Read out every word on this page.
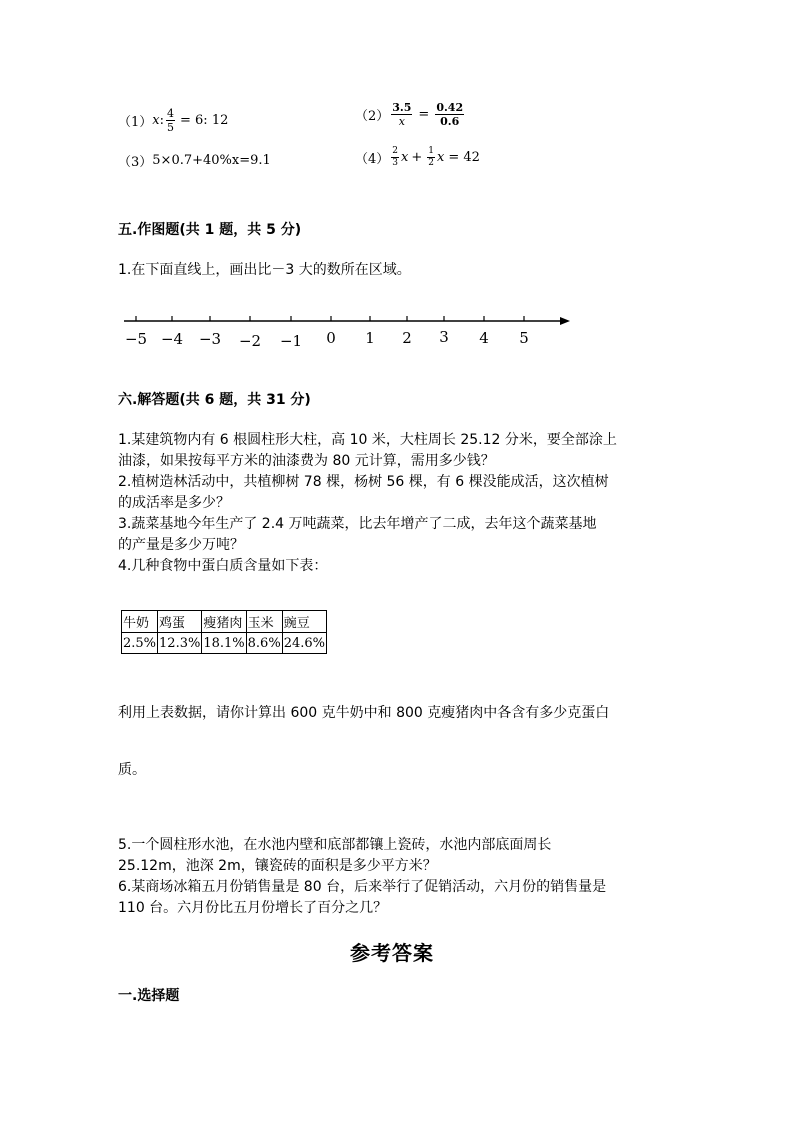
（1） x : $\frac{4}{5} = 6$: 12	$(2) \frac{3.5}{x} = \frac{0.42}{0.6}$
（3） 5×0.7+40%x=9.1	$(4) \frac{2}{3}$ $x + \frac{1}{2}$ x = 42
五.作图题(共 1 题，共 5 分)
1.在下面直线上，画出比－3 大的数所在区域。
−5 −4 −3 −2 −1 0 1 2 3 4 5
六.解答题(共 6 题，共 31 分)
1.某建筑物内有 6 根圆柱形大柱，高 10 米，大柱周长 25.12 分米，要全部涂上
油漆，如果按每平方米的油漆费为 80 元计算，需用多少钱？
2.植树造林活动中，共植柳树 78 棵，杨树 56 棵，有 6 棵没能成活，这次植树
的成活率是多少？
3.蔬菜基地今年生产了 2.4 万吨蔬菜，比去年增产了二成，去年这个蔬菜基地
的产量是多少万吨？
4.几种食物中蛋白质含量如下表：
牛奶	鸡蛋	瘦猪肉	玉米	豌豆
2.5%	12.3%	18.1%	8.6%	24.6%
利用上表数据，请你计算出 600 克牛奶中和 800 克瘦猪肉中各含有多少克蛋白
质。
5.一个圆柱形水池，在水池内壁和底部都镶上瓷砖，水池内部底面周长
25.12m，池深 2m，镶瓷砖的面积是多少平方米？
6.某商场冰箱五月份销售量是 80 台，后来举行了促销活动，六月份的销售量是
110 台。六月份比五月份增长了百分之几？
参考答案
一.选择题
